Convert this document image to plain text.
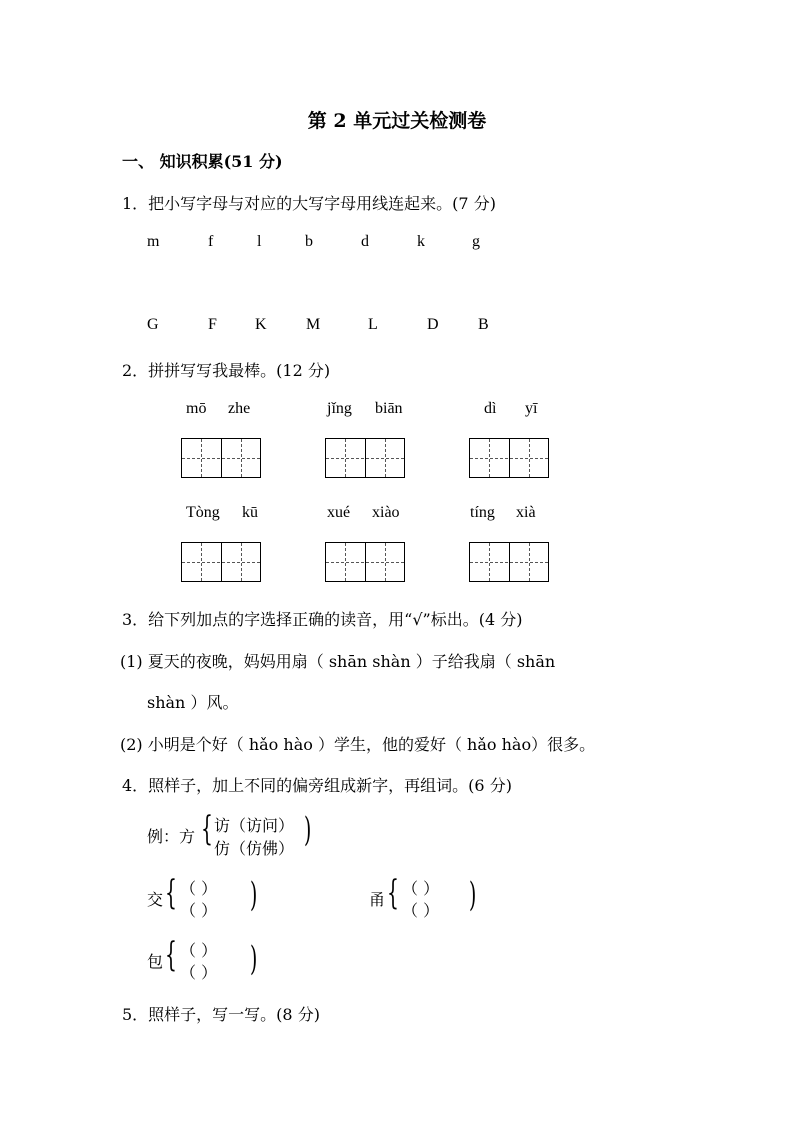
第 2 单元过关检测卷
一、 知识积累(51 分)
1．把小写字母与对应的大写字母用线连起来。(7 分)
m	f	l	b	d	k	g
G	F K M	L	D B
2．拼拼写写我最棒。(12 分)
mō zhe	jǐng biān	dì yī
Tòng kū	xué xiào	tíng xià
3．给下列加点的字选择正确的读音，用“√”标出。(4 分)
(1) 夏天的夜晚，妈妈用扇（ shān shàn ）子给我扇（ shān
shàn ）风。
(2) 小明是个好（ hǎo hào ）学生，他的爱好（ hǎo hào）很多。
4．照样子，加上不同的偏旁组成新字，再组词。(6 分)
例：方 { 访（访问）
仿（仿佛） )
交 { （ ）
（ ） )	甬 { （ ）
（ ） )
包 { （ ）
（ ） )
5．照样子，写一写。(8 分)
